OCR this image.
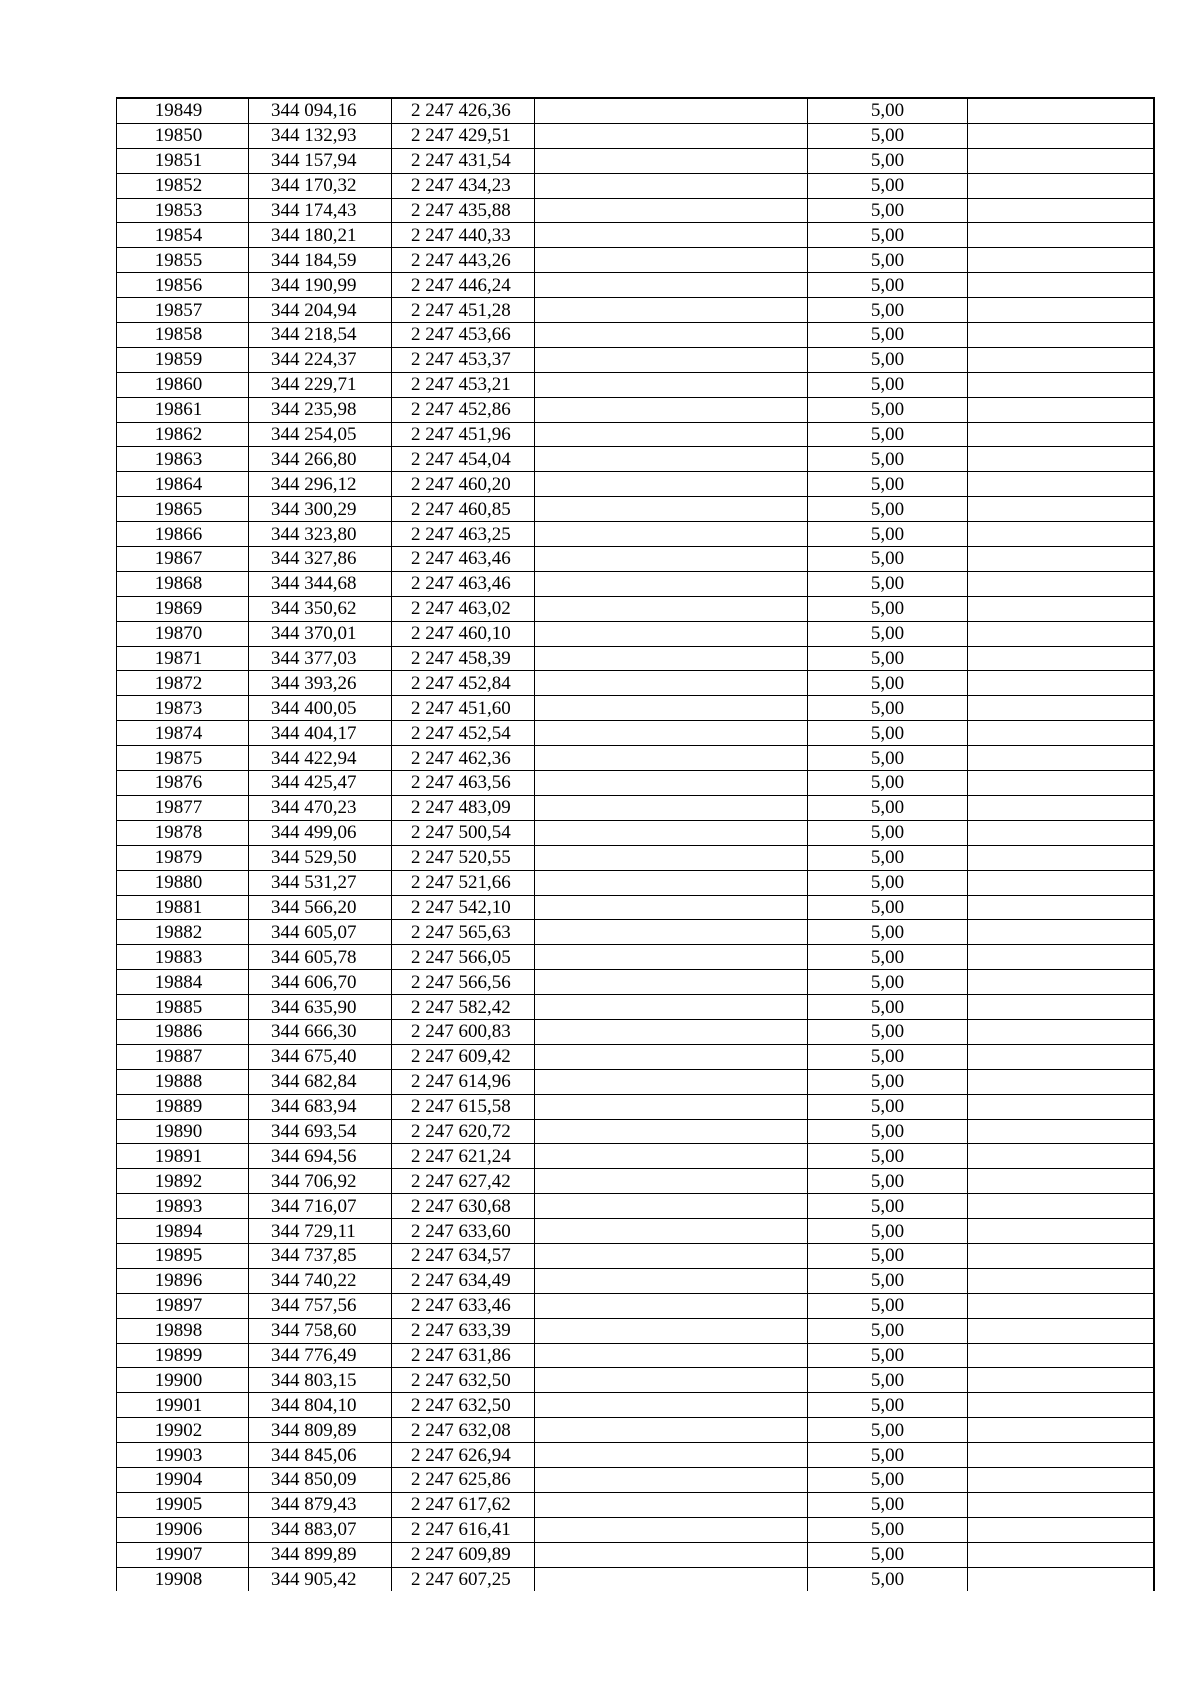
19849	344 094,16	2 247 426,36		5,00	
19850	344 132,93	2 247 429,51		5,00	
19851	344 157,94	2 247 431,54		5,00	
19852	344 170,32	2 247 434,23		5,00	
19853	344 174,43	2 247 435,88		5,00	
19854	344 180,21	2 247 440,33		5,00	
19855	344 184,59	2 247 443,26		5,00	
19856	344 190,99	2 247 446,24		5,00	
19857	344 204,94	2 247 451,28		5,00	
19858	344 218,54	2 247 453,66		5,00	
19859	344 224,37	2 247 453,37		5,00	
19860	344 229,71	2 247 453,21		5,00	
19861	344 235,98	2 247 452,86		5,00	
19862	344 254,05	2 247 451,96		5,00	
19863	344 266,80	2 247 454,04		5,00	
19864	344 296,12	2 247 460,20		5,00	
19865	344 300,29	2 247 460,85		5,00	
19866	344 323,80	2 247 463,25		5,00	
19867	344 327,86	2 247 463,46		5,00	
19868	344 344,68	2 247 463,46		5,00	
19869	344 350,62	2 247 463,02		5,00	
19870	344 370,01	2 247 460,10		5,00	
19871	344 377,03	2 247 458,39		5,00	
19872	344 393,26	2 247 452,84		5,00	
19873	344 400,05	2 247 451,60		5,00	
19874	344 404,17	2 247 452,54		5,00	
19875	344 422,94	2 247 462,36		5,00	
19876	344 425,47	2 247 463,56		5,00	
19877	344 470,23	2 247 483,09		5,00	
19878	344 499,06	2 247 500,54		5,00	
19879	344 529,50	2 247 520,55		5,00	
19880	344 531,27	2 247 521,66		5,00	
19881	344 566,20	2 247 542,10		5,00	
19882	344 605,07	2 247 565,63		5,00	
19883	344 605,78	2 247 566,05		5,00	
19884	344 606,70	2 247 566,56		5,00	
19885	344 635,90	2 247 582,42		5,00	
19886	344 666,30	2 247 600,83		5,00	
19887	344 675,40	2 247 609,42		5,00	
19888	344 682,84	2 247 614,96		5,00	
19889	344 683,94	2 247 615,58		5,00	
19890	344 693,54	2 247 620,72		5,00	
19891	344 694,56	2 247 621,24		5,00	
19892	344 706,92	2 247 627,42		5,00	
19893	344 716,07	2 247 630,68		5,00	
19894	344 729,11	2 247 633,60		5,00	
19895	344 737,85	2 247 634,57		5,00	
19896	344 740,22	2 247 634,49		5,00	
19897	344 757,56	2 247 633,46		5,00	
19898	344 758,60	2 247 633,39		5,00	
19899	344 776,49	2 247 631,86		5,00	
19900	344 803,15	2 247 632,50		5,00	
19901	344 804,10	2 247 632,50		5,00	
19902	344 809,89	2 247 632,08		5,00	
19903	344 845,06	2 247 626,94		5,00	
19904	344 850,09	2 247 625,86		5,00	
19905	344 879,43	2 247 617,62		5,00	
19906	344 883,07	2 247 616,41		5,00	
19907	344 899,89	2 247 609,89		5,00	
19908	344 905,42	2 247 607,25		5,00	
